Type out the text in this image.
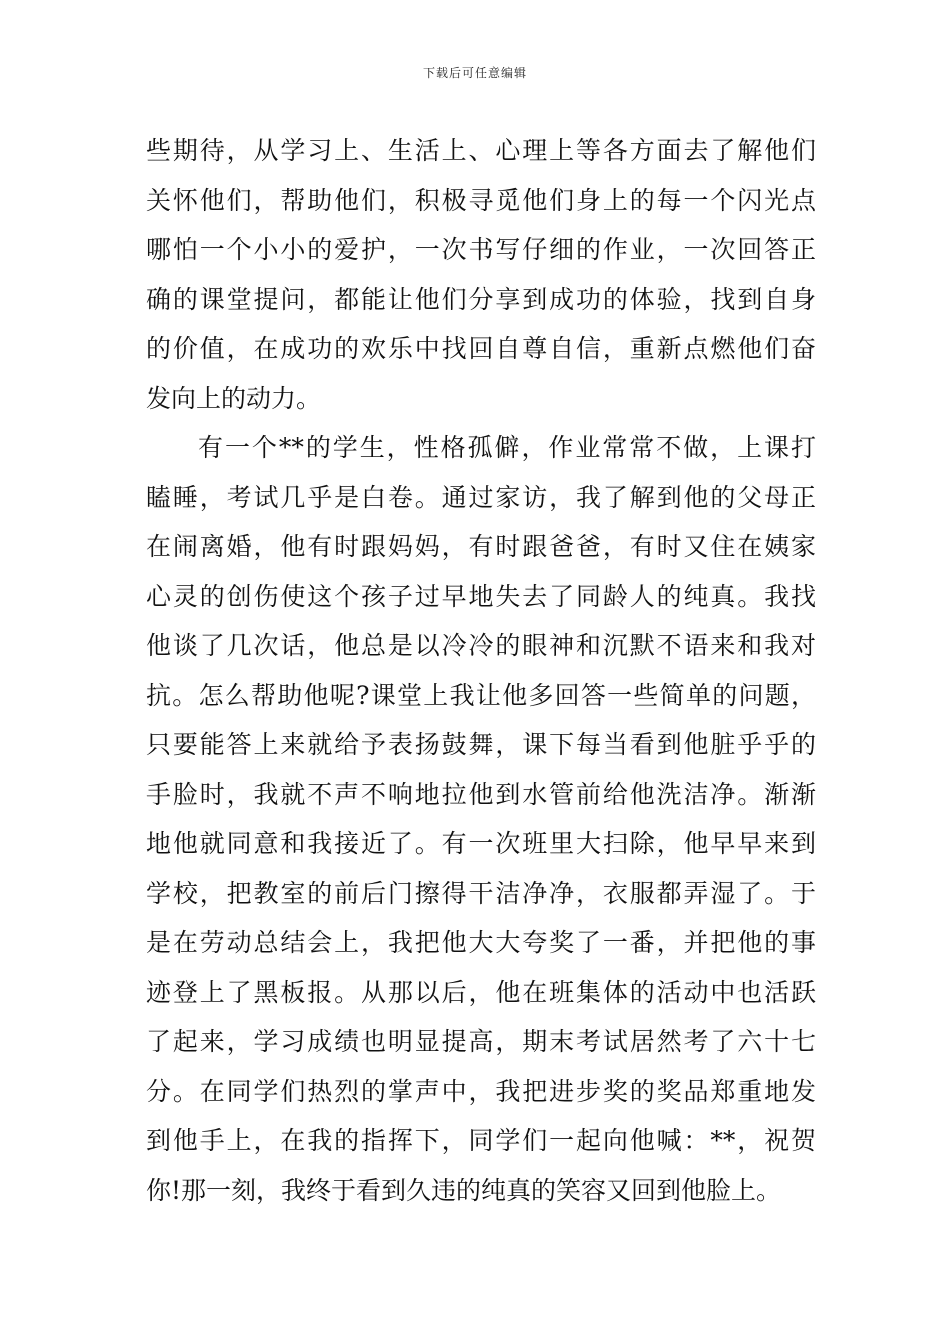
下载后可任意编辑
些期待，从学习上、生活上、心理上等各方面去了解他们
关怀他们，帮助他们，积极寻觅他们身上的每一个闪光点
哪怕一个小小的爱护，一次书写仔细的作业，一次回答正
确的课堂提问，都能让他们分享到成功的体验，找到自身
的价值，在成功的欢乐中找回自尊自信，重新点燃他们奋
发向上的动力。
有一个**的学生，性格孤僻，作业常常不做，上课打
瞌睡，考试几乎是白卷。通过家访，我了解到他的父母正
在闹离婚，他有时跟妈妈，有时跟爸爸，有时又住在姨家
心灵的创伤使这个孩子过早地失去了同龄人的纯真。我找
他谈了几次话，他总是以冷冷的眼神和沉默不语来和我对
抗。怎么帮助他呢?课堂上我让他多回答一些简单的问题，
只要能答上来就给予表扬鼓舞，课下每当看到他脏乎乎的
手脸时，我就不声不响地拉他到水管前给他洗洁净。渐渐
地他就同意和我接近了。有一次班里大扫除，他早早来到
学校，把教室的前后门擦得干洁净净，衣服都弄湿了。于
是在劳动总结会上，我把他大大夸奖了一番，并把他的事
迹登上了黑板报。从那以后，他在班集体的活动中也活跃
了起来，学习成绩也明显提高，期末考试居然考了六十七
分。在同学们热烈的掌声中，我把进步奖的奖品郑重地发
到他手上，在我的指挥下，同学们一起向他喊：**，祝贺
你!那一刻，我终于看到久违的纯真的笑容又回到他脸上。
